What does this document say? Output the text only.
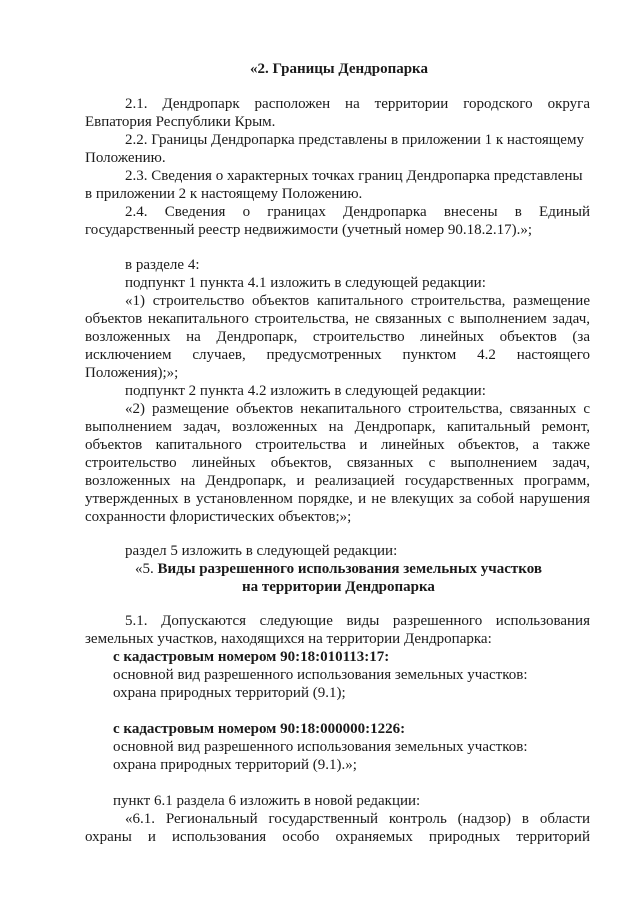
«2. Границы Дендропарка
2.1. Дендропарк расположен на территории городского округа
Евпатория Республики Крым.
2.2. Границы Дендропарка представлены в приложении 1 к настоящему
Положению.
2.3. Сведения о характерных точках границ Дендропарка представлены
в приложении 2 к настоящему Положению.
2.4. Сведения о границах Дендропарка внесены в Единый
государственный реестр недвижимости (учетный номер 90.18.2.17).»;
в разделе 4:
подпункт 1 пункта 4.1 изложить в следующей редакции:
«1) строительство объектов капитального строительства, размещение
объектов некапитального строительства, не связанных с выполнением задач,
возложенных на Дендропарк, строительство линейных объектов (за
исключением случаев, предусмотренных пунктом 4.2 настоящего
Положения);»;
подпункт 2 пункта 4.2 изложить в следующей редакции:
«2) размещение объектов некапитального строительства, связанных с
выполнением задач, возложенных на Дендропарк, капитальный ремонт,
объектов капитального строительства и линейных объектов, а также
строительство линейных объектов, связанных с выполнением задач,
возложенных на Дендропарк, и реализацией государственных программ,
утвержденных в установленном порядке, и не влекущих за собой нарушения
сохранности флористических объектов;»;
раздел 5 изложить в следующей редакции:
«5. Виды разрешенного использования земельных участков
на территории Дендропарка
5.1. Допускаются следующие виды разрешенного использования
земельных участков, находящихся на территории Дендропарка:
с кадастровым номером 90:18:010113:17:
основной вид разрешенного использования земельных участков:
охрана природных территорий (9.1);
с кадастровым номером 90:18:000000:1226:
основной вид разрешенного использования земельных участков:
охрана природных территорий (9.1).»;
пункт 6.1 раздела 6 изложить в новой редакции:
«6.1. Региональный государственный контроль (надзор) в области
охраны и использования особо охраняемых природных территорий
